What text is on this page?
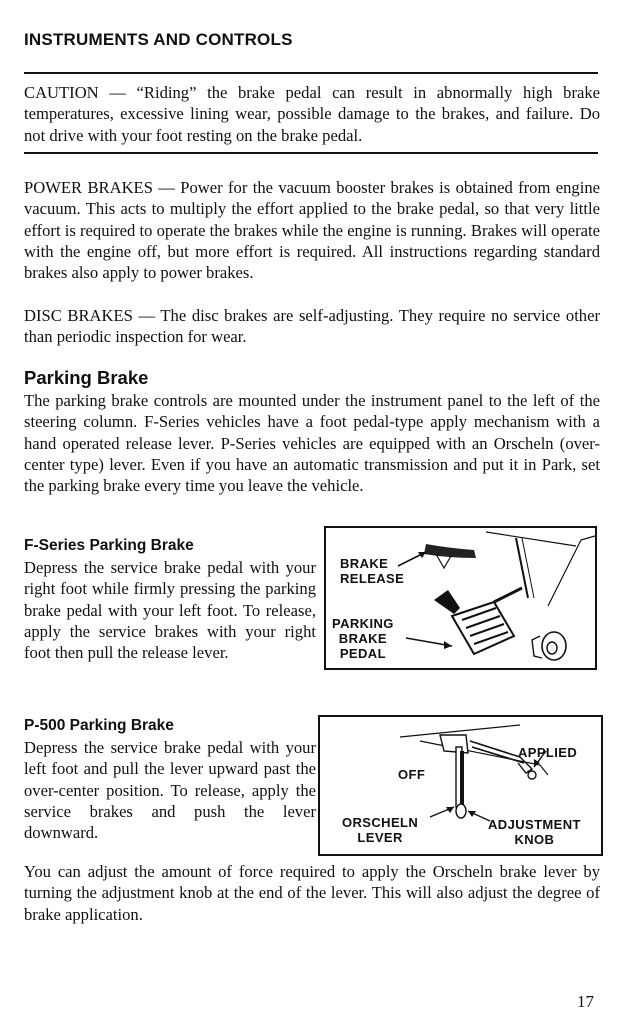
INSTRUMENTS AND CONTROLS

CAUTION — “Riding” the brake pedal can result in abnormally high brake temperatures, excessive lining wear, possible damage to the brakes, and failure. Do not drive with your foot resting on the brake pedal.

POWER BRAKES — Power for the vacuum booster brakes is obtained from engine vacuum. This acts to multiply the effort applied to the brake pedal, so that very little effort is required to operate the brakes while the engine is running. Brakes will operate with the engine off, but more effort is required. All instructions regarding standard brakes also apply to power brakes.

DISC BRAKES — The disc brakes are self-adjusting. They require no service other than periodic inspection for wear.

Parking Brake

The parking brake controls are mounted under the instrument panel to the left of the steering column. F-Series vehicles have a foot pedal-type apply mechanism with a hand operated release lever. P-Series vehicles are equipped with an Orscheln (over-center type) lever. Even if you have an automatic transmission and put it in Park, set the parking brake every time you leave the vehicle.

F-Series Parking Brake

Depress the service brake pedal with your right foot while firmly pressing the parking brake pedal with your left foot. To release, apply the service brakes with your right foot then pull the release lever.

BRAKE
RELEASE
PARKING
BRAKE
PEDAL
P-500 Parking Brake

Depress the service brake pedal with your left foot and pull the lever upward past the over-center position. To release, apply the service brakes and push the lever downward.

APPLIED
OFF
ORSCHELN
LEVER
ADJUSTMENT
KNOB

You can adjust the amount of force required to apply the Orscheln brake lever by turning the adjustment knob at the end of the lever. This will also adjust the degree of brake application.

17
